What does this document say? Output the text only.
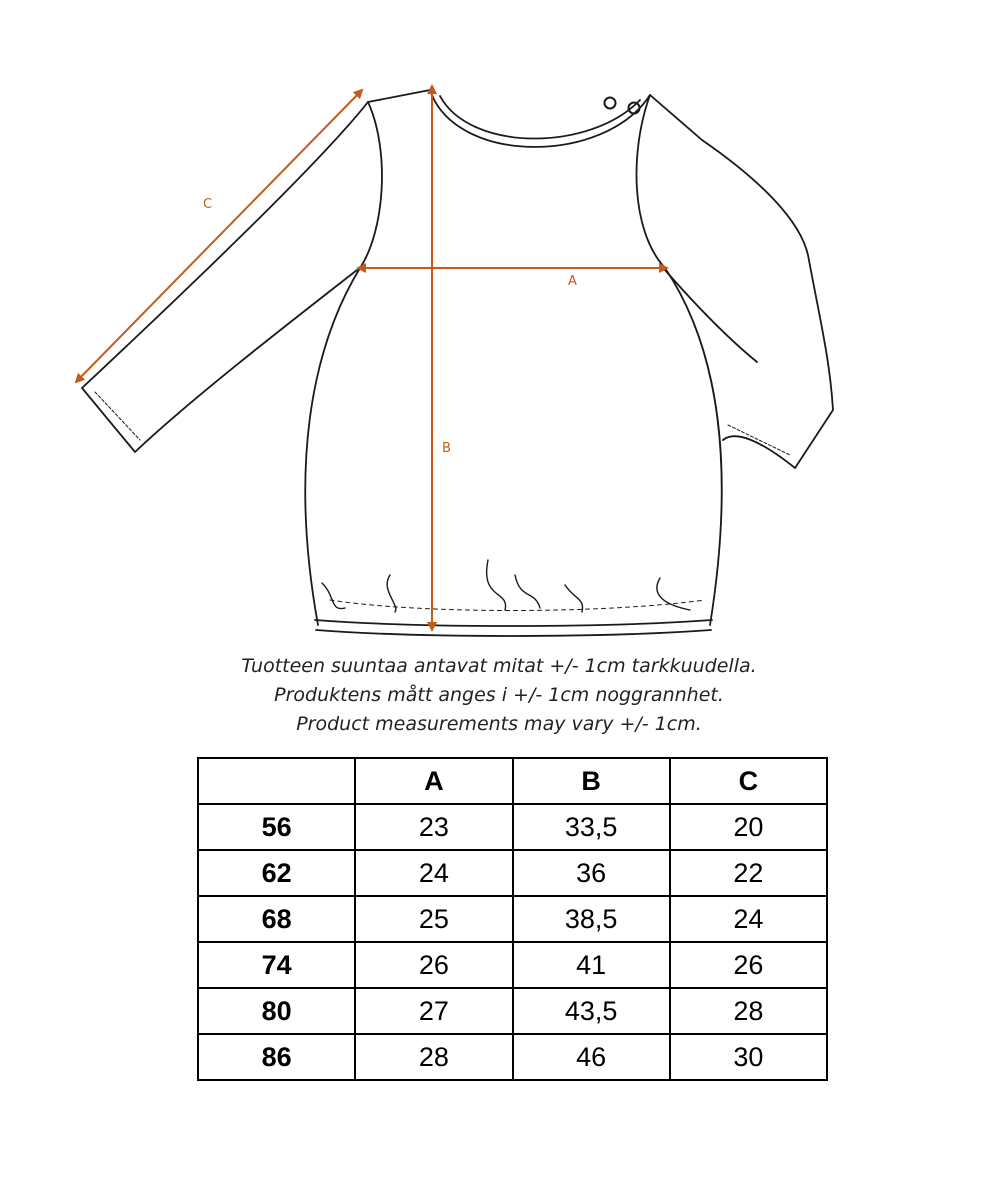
C
A
B
Tuotteen suuntaa antavat mitat +/- 1cm tarkkuudella.
Produktens mått anges i +/- 1cm noggrannhet.
Product measurements may vary +/- 1cm.
	A	B	C
56	23	33,5	20
62	24	36	22
68	25	38,5	24
74	26	41	26
80	27	43,5	28
86	28	46	30
